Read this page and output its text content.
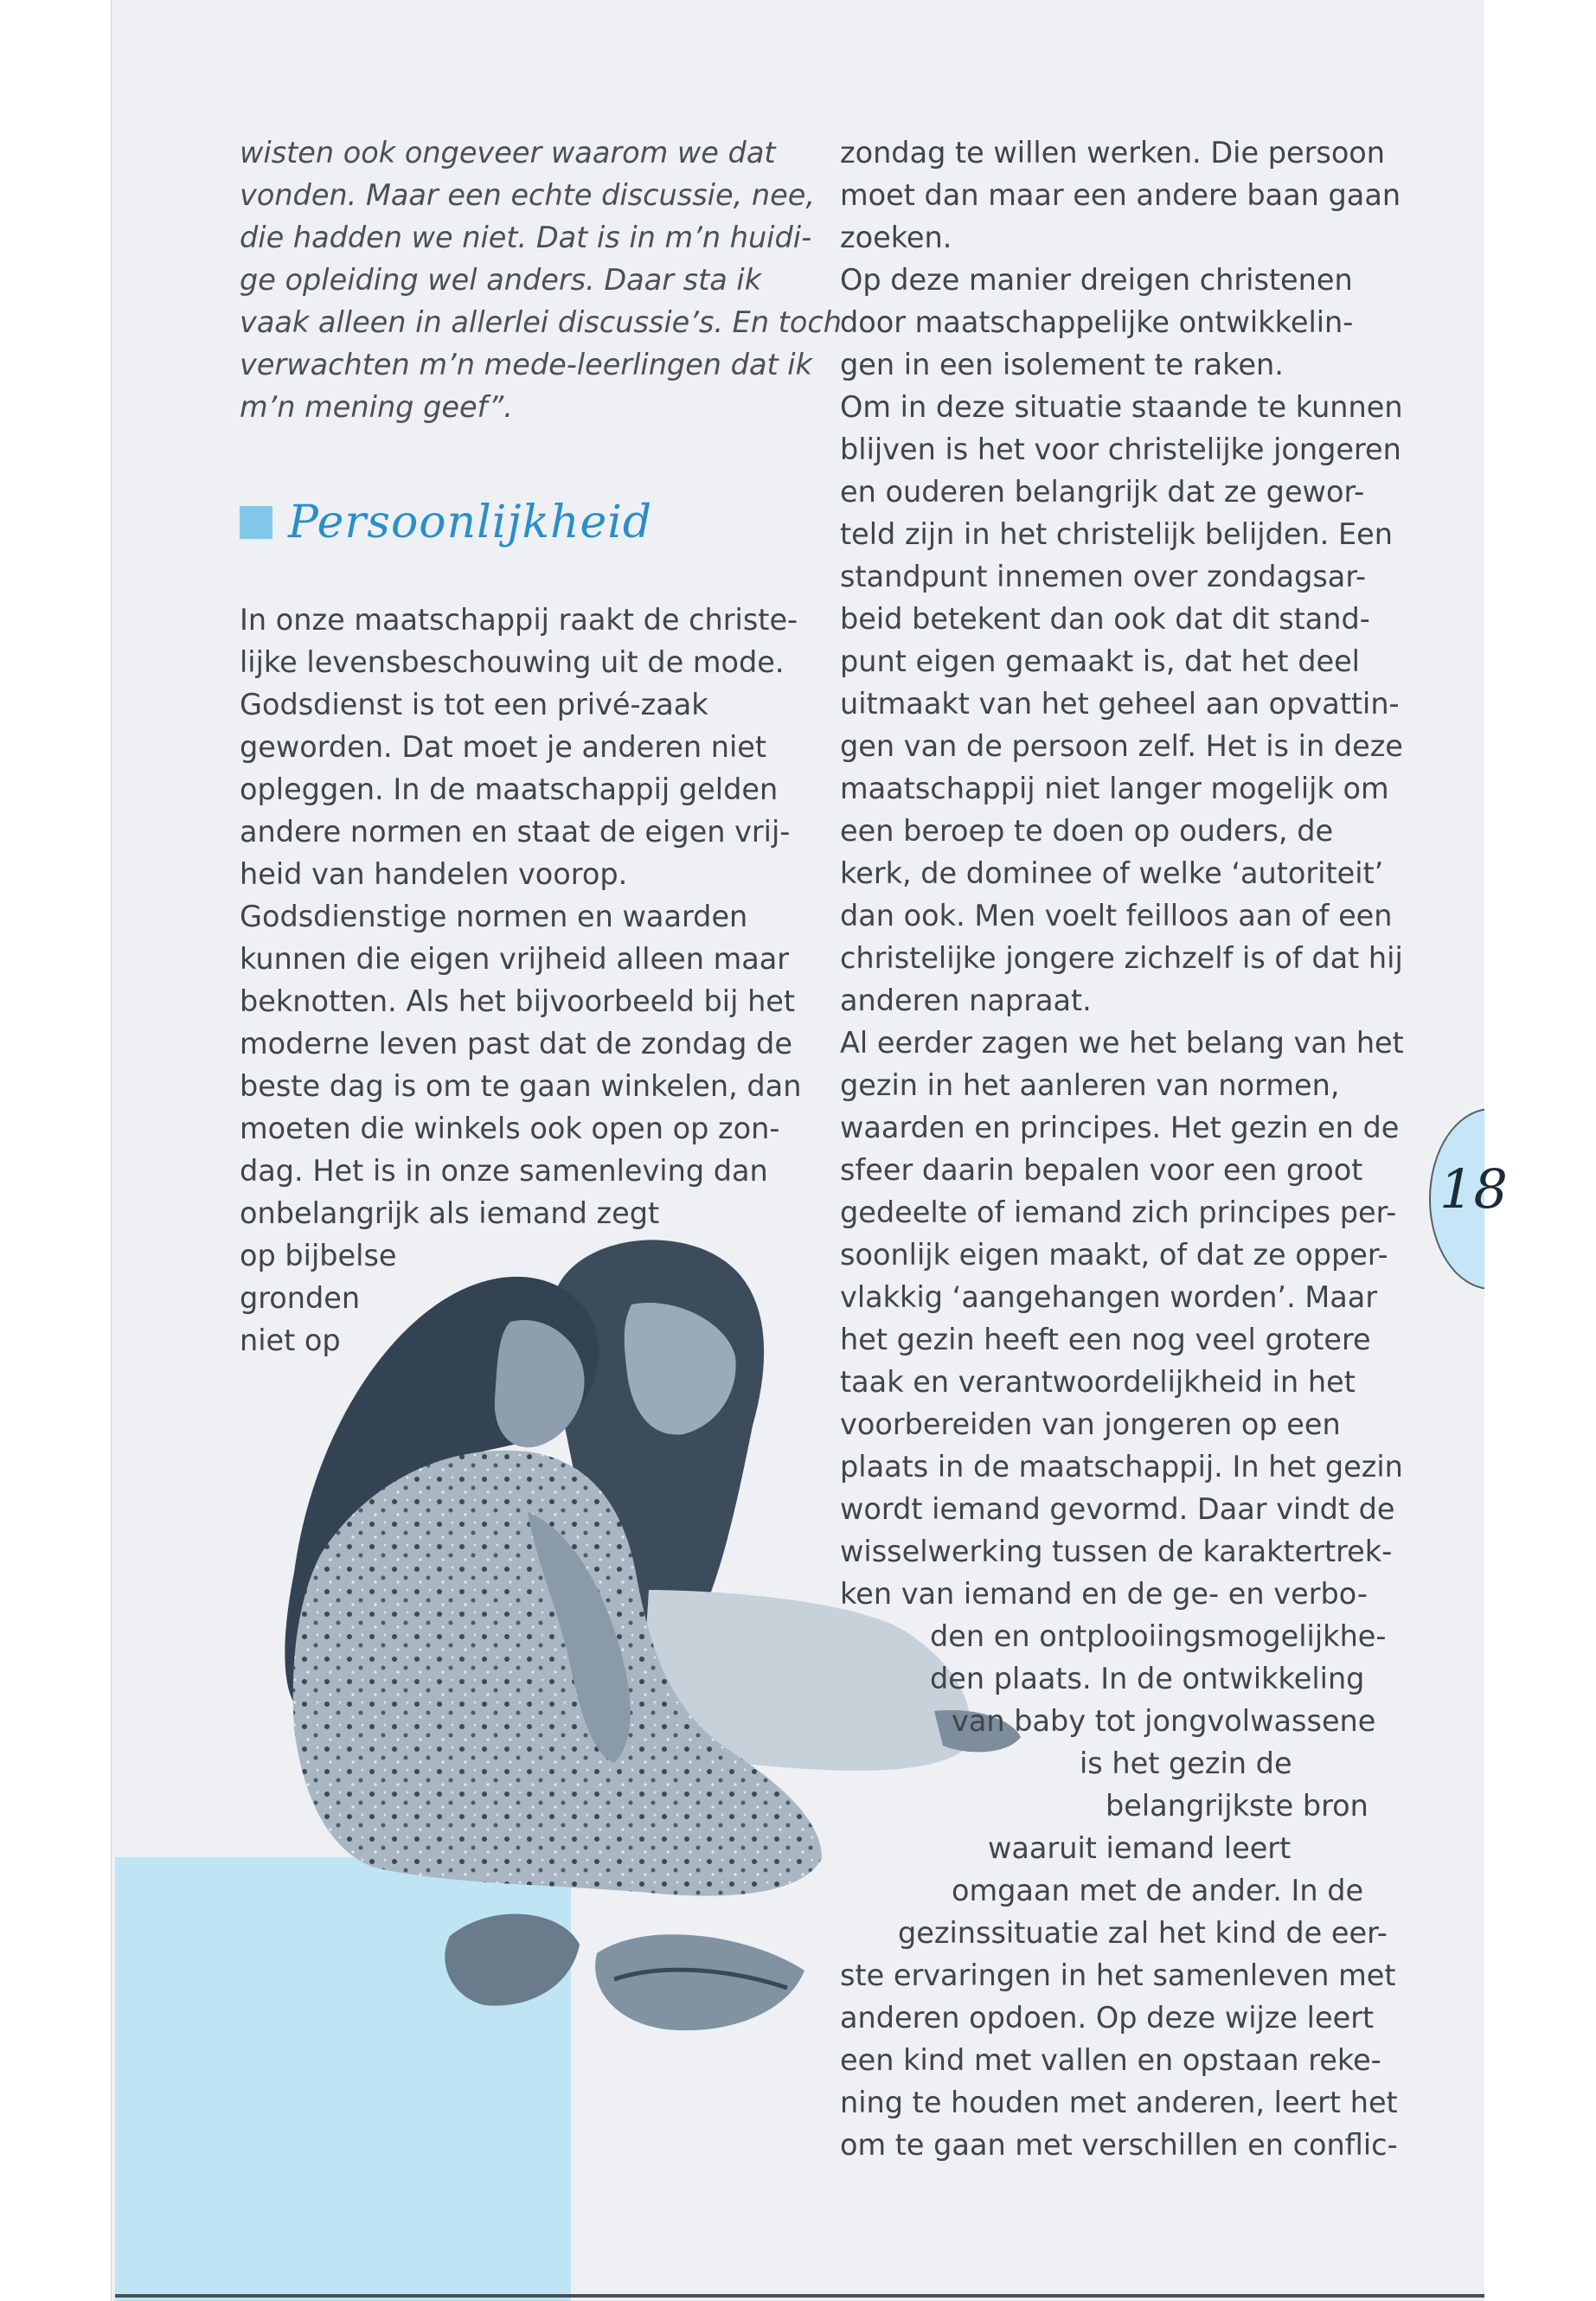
18

wisten ook ongeveer waarom we dat

vonden. Maar een echte discussie, nee,

die hadden we niet. Dat is in m’n huidi-

ge opleiding wel anders. Daar sta ik

vaak alleen in allerlei discussie’s. En toch

verwachten m’n mede-leerlingen dat ik

m’n mening geef”.

Persoonlijkheid

In onze maatschappij raakt de christe-

lijke levensbeschouwing uit de mode.

Godsdienst is tot een privé-zaak

geworden. Dat moet je anderen niet

opleggen. In de maatschappij gelden

andere normen en staat de eigen vrij-

heid van handelen voorop.

Godsdienstige normen en waarden

kunnen die eigen vrijheid alleen maar

beknotten. Als het bijvoorbeeld bij het

moderne leven past dat de zondag de

beste dag is om te gaan winkelen, dan

moeten die winkels ook open op zon-

dag. Het is in onze samenleving dan

onbelangrijk als iemand zegt

op bijbelse

gronden

niet op

zondag te willen werken. Die persoon

moet dan maar een andere baan gaan

zoeken.

Op deze manier dreigen christenen

door maatschappelijke ontwikkelin-

gen in een isolement te raken.

Om in deze situatie staande te kunnen

blijven is het voor christelijke jongeren

en ouderen belangrijk dat ze gewor-

teld zijn in het christelijk belijden. Een

standpunt innemen over zondagsar-

beid betekent dan ook dat dit stand-

punt eigen gemaakt is, dat het deel

uitmaakt van het geheel aan opvattin-

gen van de persoon zelf. Het is in deze

maatschappij niet langer mogelijk om

een beroep te doen op ouders, de

kerk, de dominee of welke ‘autoriteit’

dan ook. Men voelt feilloos aan of een

christelijke jongere zichzelf is of dat hij

anderen napraat.

Al eerder zagen we het belang van het

gezin in het aanleren van normen,

waarden en principes. Het gezin en de

sfeer daarin bepalen voor een groot

gedeelte of iemand zich principes per-

soonlijk eigen maakt, of dat ze opper-

vlakkig ‘aangehangen worden’. Maar

het gezin heeft een nog veel grotere

taak en verantwoordelijkheid in het

voorbereiden van jongeren op een

plaats in de maatschappij. In het gezin

wordt iemand gevormd. Daar vindt de

wisselwerking tussen de karaktertrek-

ken van iemand en de ge- en verbo-

den en ontplooiingsmogelijkhe-

den plaats. In de ontwikkeling

van baby tot jongvolwassene

is het gezin de

belangrijkste bron

waaruit iemand leert

omgaan met de ander. In de

gezinssituatie zal het kind de eer-

ste ervaringen in het samenleven met

anderen opdoen. Op deze wijze leert

een kind met vallen en opstaan reke-

ning te houden met anderen, leert het

om te gaan met verschillen en conflic-
